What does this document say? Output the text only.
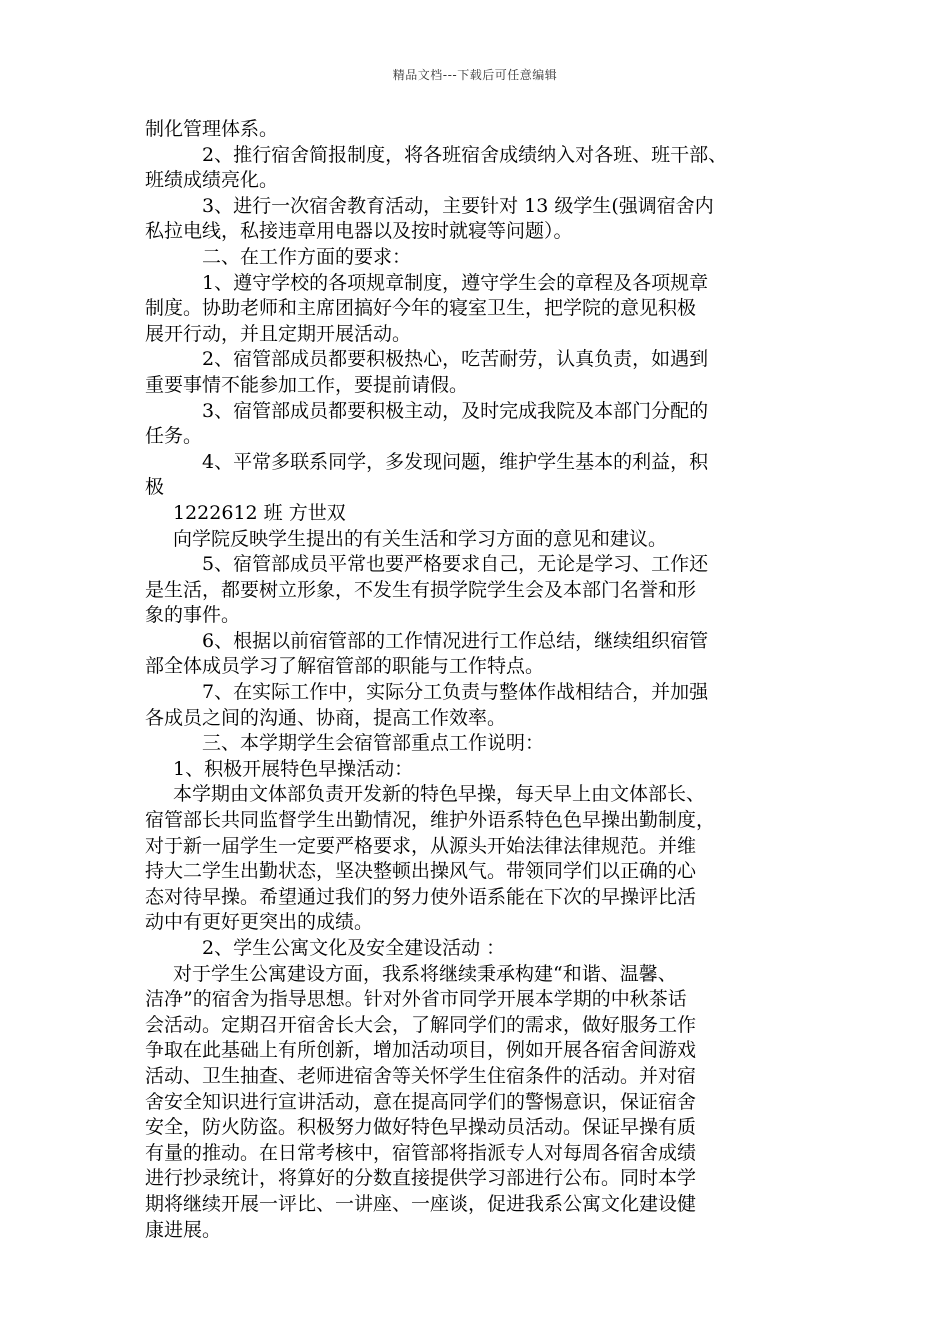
精品文档---下载后可任意编辑
制化管理体系。
2、推行宿舍简报制度，将各班宿舍成绩纳入对各班、班干部、
班绩成绩亮化。
3、进行一次宿舍教育活动，主要针对 13 级学生(强调宿舍内
私拉电线，私接违章用电器以及按时就寝等问题）。
二、在工作方面的要求：
1、遵守学校的各项规章制度，遵守学生会的章程及各项规章
制度。协助老师和主席团搞好今年的寝室卫生，把学院的意见积极
展开行动，并且定期开展活动。
2、宿管部成员都要积极热心，吃苦耐劳，认真负责，如遇到
重要事情不能参加工作，要提前请假。
3、宿管部成员都要积极主动，及时完成我院及本部门分配的
任务。
4、平常多联系同学，多发现问题，维护学生基本的利益，积
极
1222612 班 方世双
向学院反映学生提出的有关生活和学习方面的意见和建议。
5、宿管部成员平常也要严格要求自己，无论是学习、工作还
是生活，都要树立形象，不发生有损学院学生会及本部门名誉和形
象的事件。
6、根据以前宿管部的工作情况进行工作总结，继续组织宿管
部全体成员学习了解宿管部的职能与工作特点。
7、在实际工作中，实际分工负责与整体作战相结合，并加强
各成员之间的沟通、协商，提高工作效率。
三、本学期学生会宿管部重点工作说明：
1、积极开展特色早操活动：
本学期由文体部负责开发新的特色早操，每天早上由文体部长、
宿管部长共同监督学生出勤情况，维护外语系特色色早操出勤制度，
对于新一届学生一定要严格要求，从源头开始法律法律规范。并维
持大二学生出勤状态，坚决整顿出操风气。带领同学们以正确的心
态对待早操。希望通过我们的努力使外语系能在下次的早操评比活
动中有更好更突出的成绩。
2、学生公寓文化及安全建设活动 ：
对于学生公寓建设方面，我系将继续秉承构建“和谐、温馨、
洁净”的宿舍为指导思想。针对外省市同学开展本学期的中秋茶话
会活动。定期召开宿舍长大会，了解同学们的需求，做好服务工作
争取在此基础上有所创新，增加活动项目，例如开展各宿舍间游戏
活动、卫生抽查、老师进宿舍等关怀学生住宿条件的活动。并对宿
舍安全知识进行宣讲活动，意在提高同学们的警惕意识，保证宿舍
安全，防火防盗。积极努力做好特色早操动员活动。保证早操有质
有量的推动。在日常考核中，宿管部将指派专人对每周各宿舍成绩
进行抄录统计，将算好的分数直接提供学习部进行公布。同时本学
期将继续开展一评比、一讲座、一座谈，促进我系公寓文化建设健
康进展。
